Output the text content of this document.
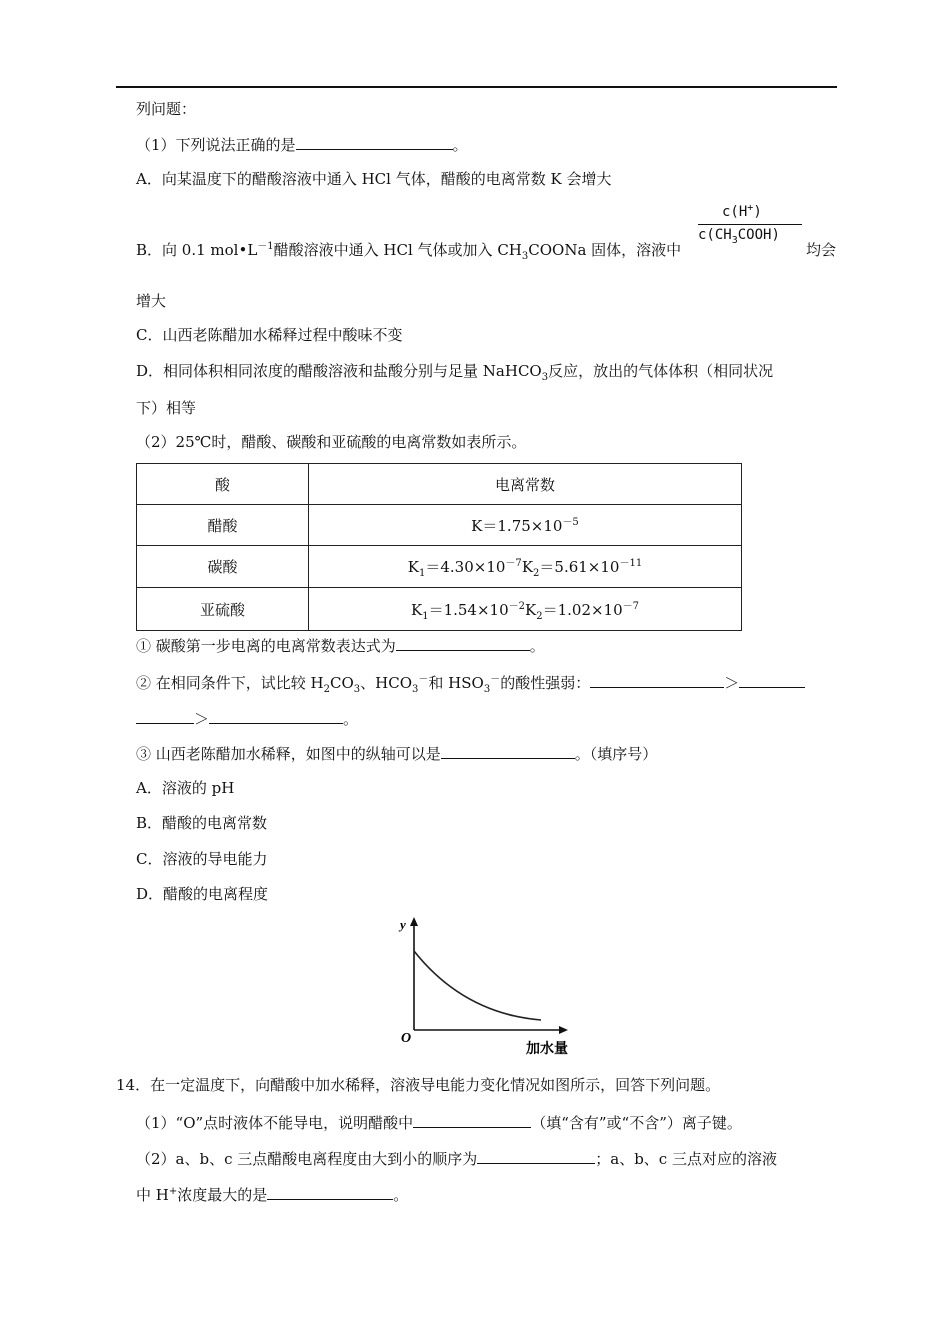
列问题：
（1）下列说法正确的是	。
A．向某温度下的醋酸溶液中通入 HCl 气体，醋酸的电离常数 K 会增大
B．向 0.1 $mol•L^{-1}$醋酸溶液中通入 HCl 气体或加入 $CH_3COONa$ 固体，溶液中
c(H+)
$c(CH_3COOH)$
均会
增大
C．山西老陈醋加水稀释过程中酸味不变
D．相同体积相同浓度的醋酸溶液和盐酸分别与足量 NaHCO$_3$反应，放出的气体体积（相同状况
下）相等
（2）25℃时，醋酸、碳酸和亚硫酸的电离常数如表所示。
酸	电离常数
醋酸	$K=1.75\times 10^{-5}$
碳酸	$K_1=4.30\times 10^{-7}K_2=5.61\times 10^{-11}$
亚硫酸	$K_1=1.54\times 10^{-2}K_2=1.02\times 10^{-7}$
① 碳酸第一步电离的电离常数表达式为	。
② 在相同条件下，试比较 $H_2CO_3$、$HCO_3^-$和 $HSO_3^-$的酸性强弱：	＞
＞	。
③ 山西老陈醋加水稀释，如图中的纵轴可以是	。（填序号）
A．溶液的 pH
B．醋酸的电离常数
C．溶液的导电能力
D．醋酸的电离程度
y
O
加水量
14．在一定温度下，向醋酸中加水稀释，溶液导电能力变化情况如图所示，回答下列问题。
（1）“O”点时液体不能导电，说明醋酸中	（填“含有”或“不含”）离子键。
（2）a、b、c 三点醋酸电离程度由大到小的顺序为	；a、b、c 三点对应的溶液
中 H+浓度最大的是	。
